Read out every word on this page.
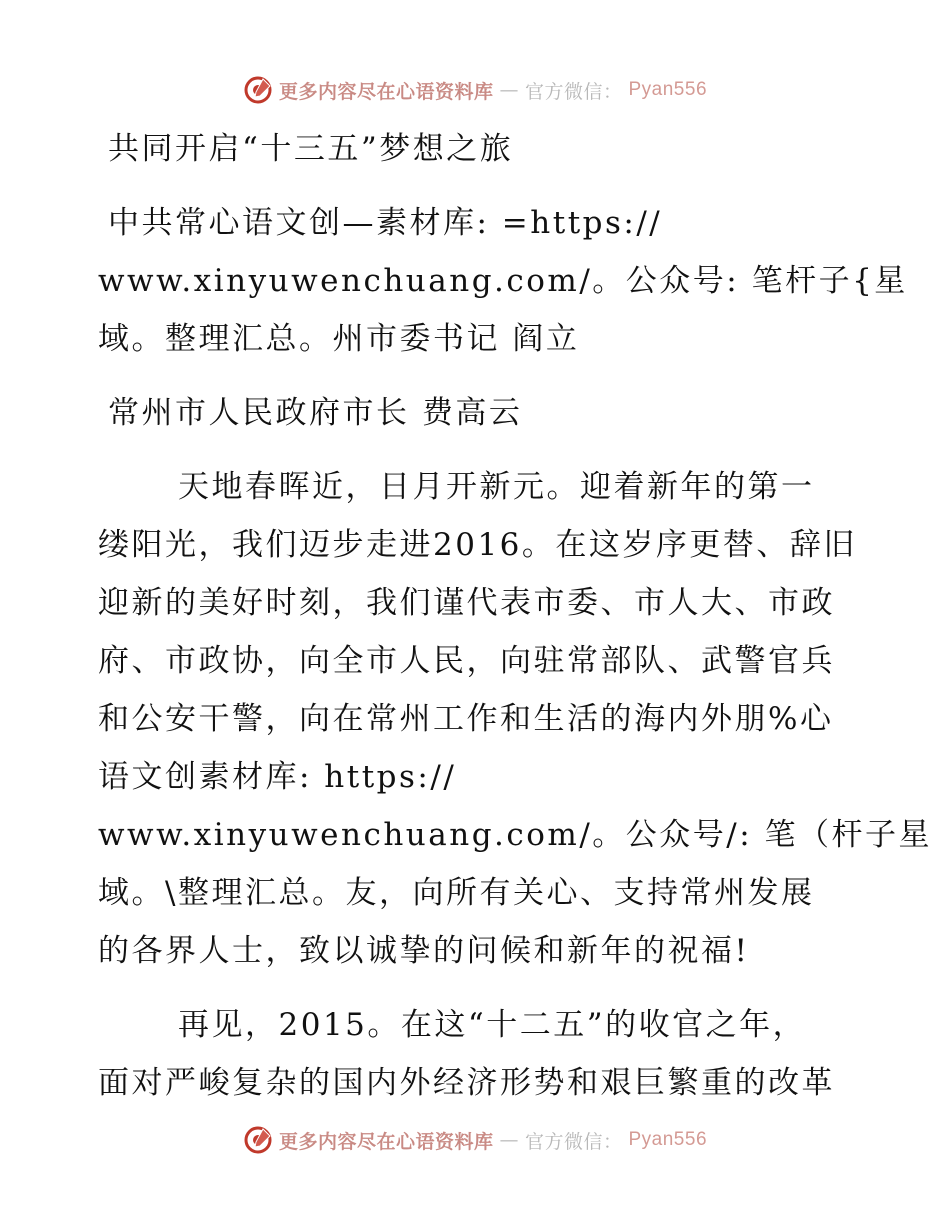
更多内容尽在心语资料库 — 官方微信： Pyan556
共同开启“十三五”梦想之旅
中共常心语文创—素材库: =https://
www.xinyuwenchuang.com/。公众号: 笔杆子{星
域。整理汇总。州市委书记 阎立
常州市人民政府市长 费高云
天地春晖近，日月开新元。迎着新年的第一
缕阳光，我们迈步走进2016。在这岁序更替、辞旧
迎新的美好时刻，我们谨代表市委、市人大、市政
府、市政协，向全市人民，向驻常部队、武警官兵
和公安干警，向在常州工作和生活的海内外朋%心
语文创素材库: https://
www.xinyuwenchuang.com/。公众号/: 笔（杆子星
域。\整理汇总。友，向所有关心、支持常州发展
的各界人士，致以诚挚的问候和新年的祝福!
再见，2015。在这“十二五”的收官之年，
面对严峻复杂的国内外经济形势和艰巨繁重的改革
更多内容尽在心语资料库 — 官方微信： Pyan556
